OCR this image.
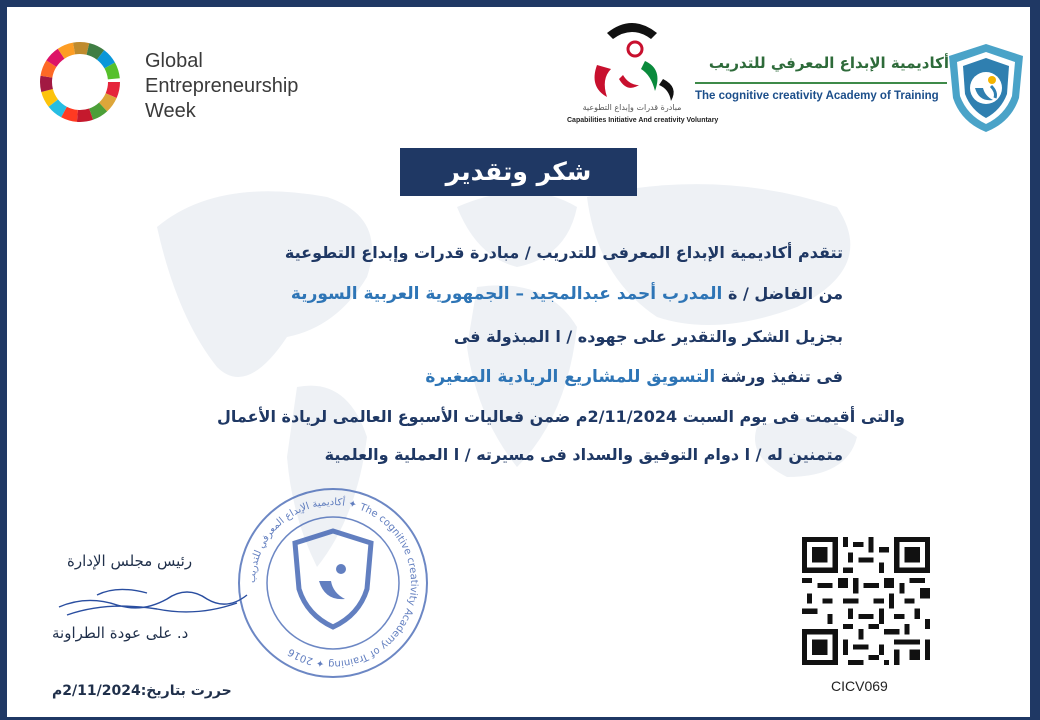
Global
Entrepreneurship
Week	مبادرة قدرات وإبداع التطوعية
Capabilities Initiative And creativity Voluntary
أكاديمية الإبداع المعرفي للتدريب
The cognitive creativity Academy of Training
شكر وتقدير
تتقدم أكاديمية الإبداع المعرفى للتدريب / مبادرة قدرات وإبداع التطوعية
من الفاضل / ة المدرب أحمد عبدالمجيد – الجمهورية العربية السورية
بجزيل الشكر والتقدير على جهوده / ا المبذولة فى
فى تنفيذ ورشة التسويق للمشاريع الريادية الصغيرة
والتى أقيمت فى يوم السبت 2/11/2024م ضمن فعاليات الأسبوع العالمى لريادة الأعمال
متمنين له / ا دوام التوفيق والسداد فى مسيرته / ا العملية والعلمية
أكاديمية الإبداع المعرفي للتدريب ✦ The cognitive creativity Academy of Training ✦ 2016
رئيس مجلس الإدارة
د. على عودة الطراونة
حررت بتاريخ:2/11/2024م	CICV069
